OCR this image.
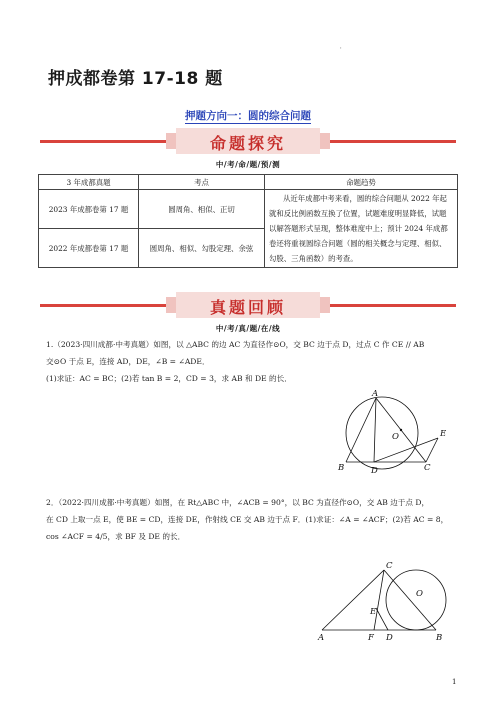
'
押成都卷第 17-18 题
押题方向一：圆的综合问题
命题探究
中/考/命/题/预/测
3 年成都真题	考点	命题趋势
2023 年成都卷第 17 题	圆周角、相似、正切	从近年成都中考来看，圆的综合问题从 2022 年起就和反比例函数互换了位置，试题难度明显降低，试题以解答题形式呈现，整体难度中上；预计 2024 年成都卷还将重视圆综合问题（圆的相关概念与定理、相似、勾股、三角函数）的考查。
2022 年成都卷第 17 题	圆周角、相似、勾股定理、余弦	
真题回顾
中/考/真/题/在/线
1.（2023·四川成都·中考真题）如图，以 △ABC 的边 AC 为直径作⊙O，交 BC 边于点 D，过点 C 作 CE // AB
交⊙O 于点 E，连接 AD，DE，∠B = ∠ADE．
(1)求证：AC = BC；(2)若 tan B = 2，CD = 3，求 AB 和 DE 的长．
A
O	E
B	D	C
2．（2022·四川成都·中考真题）如图，在 Rt△ABC 中，∠ACB = 90°，以 BC 为直径作⊙O，交 AB 边于点 D，
在 CD 上取一点 E，使 BE = CD，连接 DE，作射线 CE 交 AB 边于点 F．(1)求证：∠A = ∠ACF；(2)若 AC = 8，
cos ∠ACF = 4/5，求 BF 及 DE 的长．
C
O
E
A	F D	B
1
